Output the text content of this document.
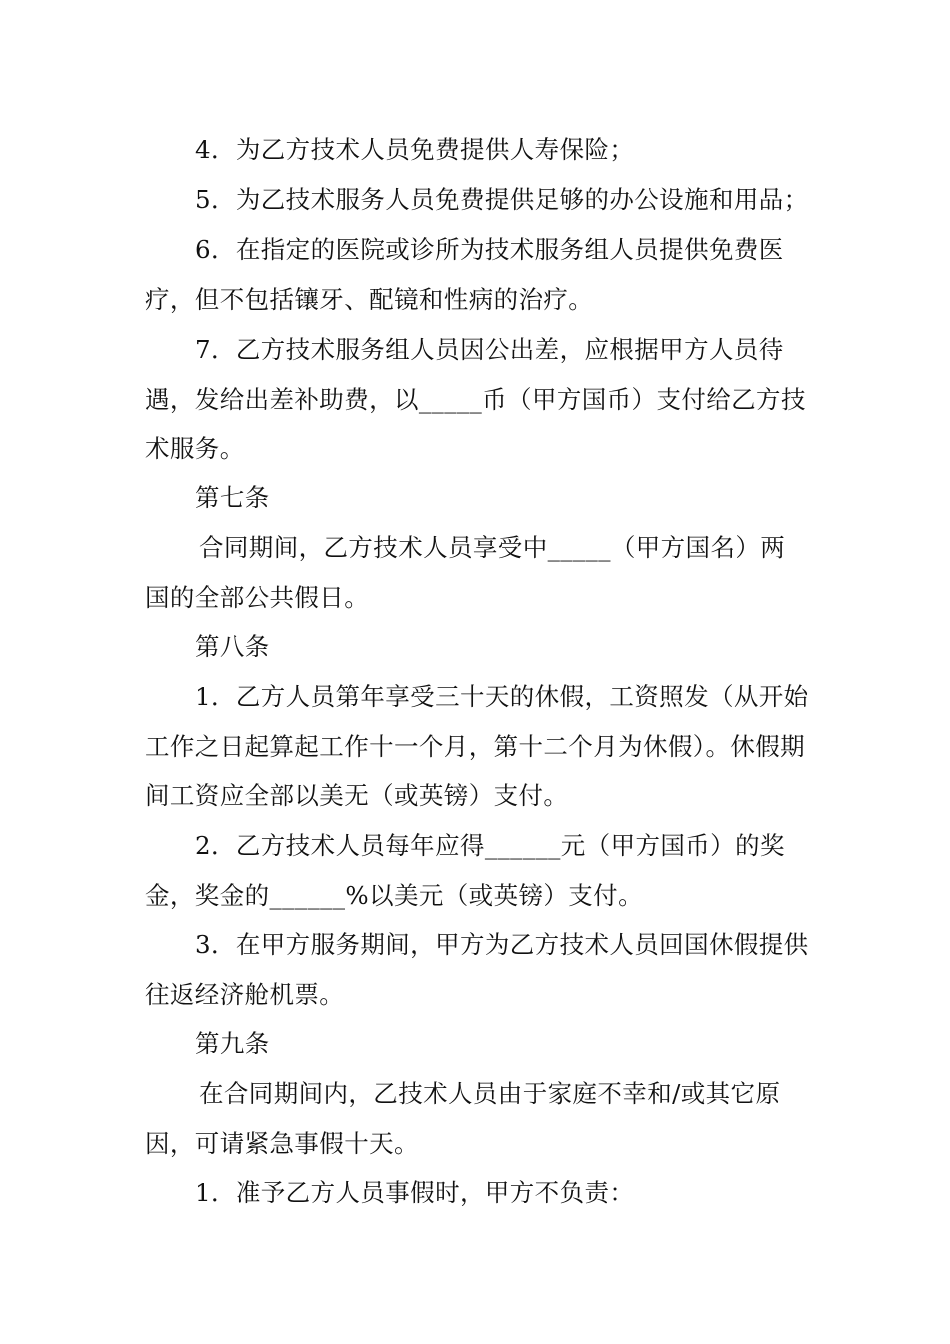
4．为乙方技术人员免费提供人寿保险；

5．为乙技术服务人员免费提供足够的办公设施和用品；

6．在指定的医院或诊所为技术服务组人员提供免费医疗，但不包括镶牙、配镜和性病的治疗。

7．乙方技术服务组人员因公出差，应根据甲方人员待遇，发给出差补助费，以_____币（甲方国币）支付给乙方技术服务。

第七条

合同期间，乙方技术人员享受中_____（甲方国名）两国的全部公共假日。

第八条

1．乙方人员第年享受三十天的休假，工资照发（从开始工作之日起算起工作十一个月，第十二个月为休假）。休假期间工资应全部以美无（或英镑）支付。

2．乙方技术人员每年应得______元（甲方国币）的奖金，奖金的______%以美元（或英镑）支付。

3．在甲方服务期间，甲方为乙方技术人员回国休假提供往返经济舱机票。

第九条

在合同期间内，乙技术人员由于家庭不幸和/或其它原因，可请紧急事假十天。

1．准予乙方人员事假时，甲方不负责：
